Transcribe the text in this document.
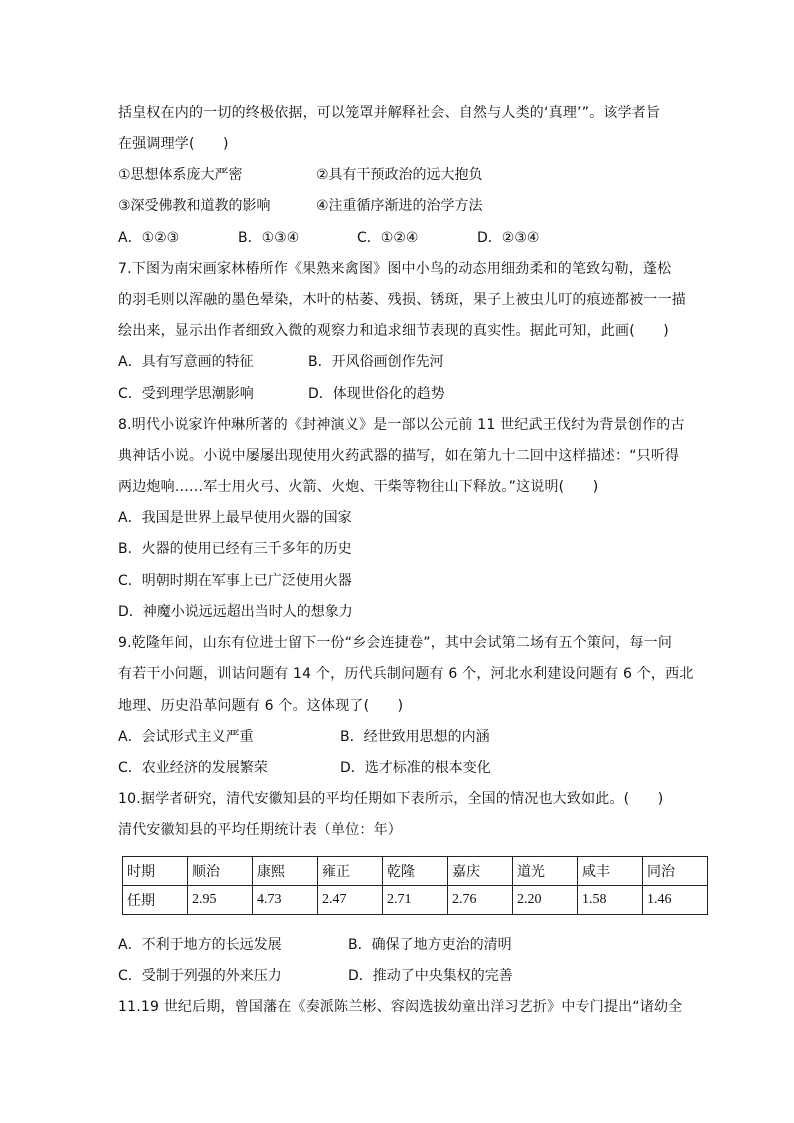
括皇权在内的一切的终极依据，可以笼罩并解释社会、自然与人类的‘真理’”。该学者旨
在强调理学(　　)
①思想体系庞大严密	②具有干预政治的远大抱负
③深受佛教和道教的影响	④注重循序渐进的治学方法
A．①②③	B．①③④	C．①②④	D．②③④
7.下图为南宋画家林椿所作《果熟来禽图》图中小鸟的动态用细劲柔和的笔致勾勒，蓬松
的羽毛则以浑融的墨色晕染，木叶的枯萎、残损、锈斑，果子上被虫儿叮的痕迹都被一一描
绘出来，显示出作者细致入微的观察力和追求细节表现的真实性。据此可知，此画(　　)
A．具有写意画的特征	B．开风俗画创作先河
C．受到理学思潮影响	D．体现世俗化的趋势
8.明代小说家许仲琳所著的《封神演义》是一部以公元前 11 世纪武王伐纣为背景创作的古
典神话小说。小说中屡屡出现使用火药武器的描写，如在第九十二回中这样描述：“只听得
两边炮响……军士用火弓、火箭、火炮、干柴等物往山下释放。”这说明(　　)
A．我国是世界上最早使用火器的国家
B．火器的使用已经有三千多年的历史
C．明朝时期在军事上已广泛使用火器
D．神魔小说远远超出当时人的想象力
9.乾隆年间，山东有位进士留下一份“乡会连捷卷”，其中会试第二场有五个策问，每一问
有若干小问题，训诂问题有 14 个，历代兵制问题有 6 个，河北水利建设问题有 6 个，西北
地理、历史沿革问题有 6 个。这体现了(　　)
A．会试形式主义严重	B．经世致用思想的内涵
C．农业经济的发展繁荣	D．选才标准的根本变化
10.据学者研究，清代安徽知县的平均任期如下表所示，全国的情况也大致如此。(　　)
清代安徽知县的平均任期统计表（单位：年）
时期	顺治	康熙	雍正	乾隆	嘉庆	道光	咸丰	同治
任期	2.95	4.73	2.47	2.71	2.76	2.20	1.58	1.46
A．不利于地方的长远发展	B．确保了地方吏治的清明
C．受制于列强的外来压力	D．推动了中央集权的完善
11.19 世纪后期，曾国藩在《奏派陈兰彬、容闳选拔幼童出洋习艺折》中专门提出“诸幼全
